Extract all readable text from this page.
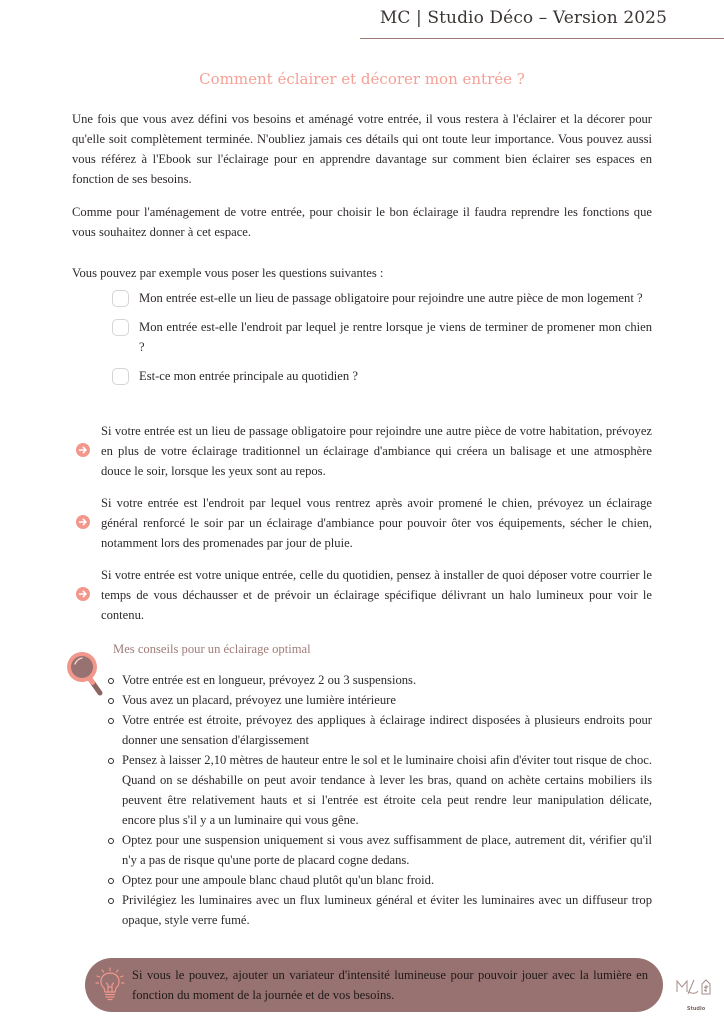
MC | Studio Déco – Version 2025
Comment éclairer et décorer mon entrée ?

Une fois que vous avez défini vos besoins et aménagé votre entrée, il vous restera à l'éclairer et la décorer pour qu'elle soit complètement terminée. N'oubliez jamais ces détails qui ont toute leur importance. Vous pouvez aussi vous référez à l'Ebook sur l'éclairage pour en apprendre davantage sur comment bien éclairer ses espaces en fonction de ses besoins.

Comme pour l'aménagement de votre entrée, pour choisir le bon éclairage il faudra reprendre les fonctions que vous souhaitez donner à cet espace.

Vous pouvez par exemple vous poser les questions suivantes :

Mon entrée est-elle un lieu de passage obligatoire pour rejoindre une autre pièce de mon logement ?
Mon entrée est-elle l'endroit par lequel je rentre lorsque je viens de terminer de promener mon chien ?
Est-ce mon entrée principale au quotidien ?
Si votre entrée est un lieu de passage obligatoire pour rejoindre une autre pièce de votre habitation, prévoyez en plus de votre éclairage traditionnel un éclairage d'ambiance qui créera un balisage et une atmosphère douce le soir, lorsque les yeux sont au repos.
Si votre entrée est l'endroit par lequel vous rentrez après avoir promené le chien, prévoyez un éclairage général renforcé le soir par un éclairage d'ambiance pour pouvoir ôter vos équipements, sécher le chien, notamment lors des promenades par jour de pluie.
Si votre entrée est votre unique entrée, celle du quotidien, pensez à installer de quoi déposer votre courrier le temps de vous déchausser et de prévoir un éclairage spécifique délivrant un halo lumineux pour voir le contenu.
Mes conseils pour un éclairage optimal
Votre entrée est en longueur, prévoyez 2 ou 3 suspensions.
Vous avez un placard, prévoyez une lumière intérieure
Votre entrée est étroite, prévoyez des appliques à éclairage indirect disposées à plusieurs endroits pour donner une sensation d'élargissement
Pensez à laisser 2,10 mètres de hauteur entre le sol et le luminaire choisi afin d'éviter tout risque de choc. Quand on se déshabille on peut avoir tendance à lever les bras, quand on achète certains mobiliers ils peuvent être relativement hauts et si l'entrée est étroite cela peut rendre leur manipulation délicate, encore plus s'il y a un luminaire qui vous gêne.
Optez pour une suspension uniquement si vous avez suffisamment de place, autrement dit, vérifier qu'il n'y a pas de risque qu'une porte de placard cogne dedans.
Optez pour une ampoule blanc chaud plutôt qu'un blanc froid.
Privilégiez les luminaires avec un flux lumineux général et éviter les luminaires avec un diffuseur trop opaque, style verre fumé.
Si vous le pouvez, ajouter un variateur d'intensité lumineuse pour pouvoir jouer avec la lumière en fonction du moment de la journée et de vos besoins.
Studio
